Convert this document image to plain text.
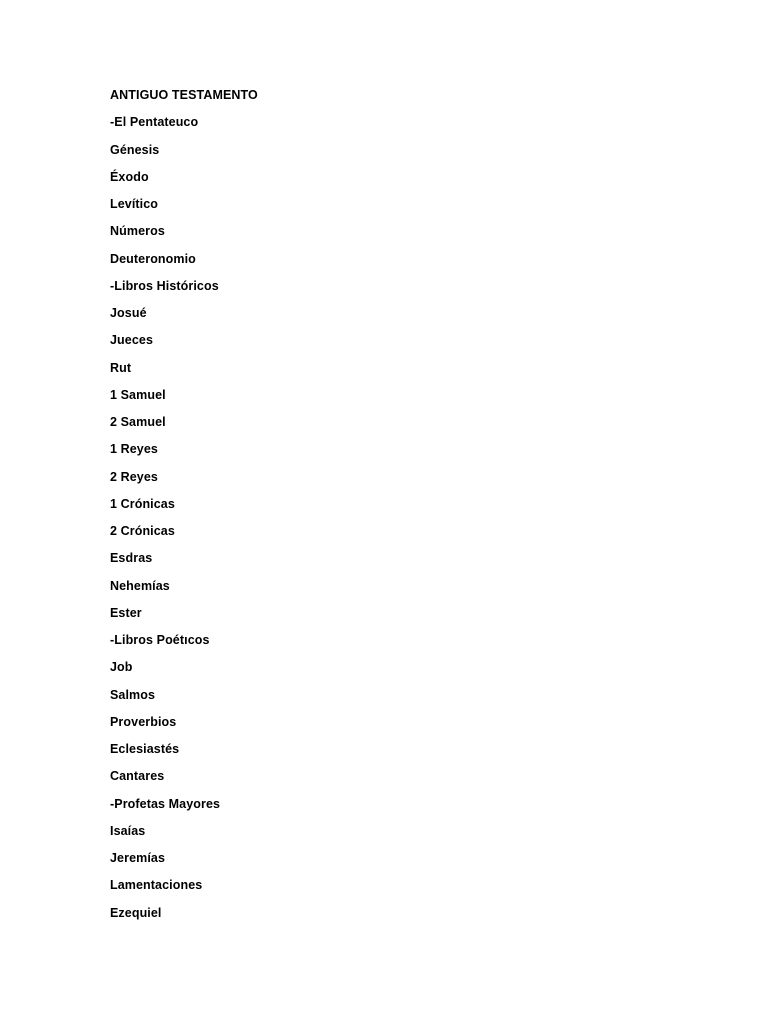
ANTIGUO TESTAMENTO
-El Pentateuco
Génesis
Éxodo
Levítico
Números
Deuteronomio
-Libros Históricos
Josué
Jueces
Rut
1 Samuel
2 Samuel
1 Reyes
2 Reyes
1 Crónicas
2 Crónicas
Esdras
Nehemías
Ester
-Libros Poétıcos
Job
Salmos
Proverbios
Eclesiastés
Cantares
-Profetas Mayores
Isaías
Jeremías
Lamentaciones
Ezequiel
